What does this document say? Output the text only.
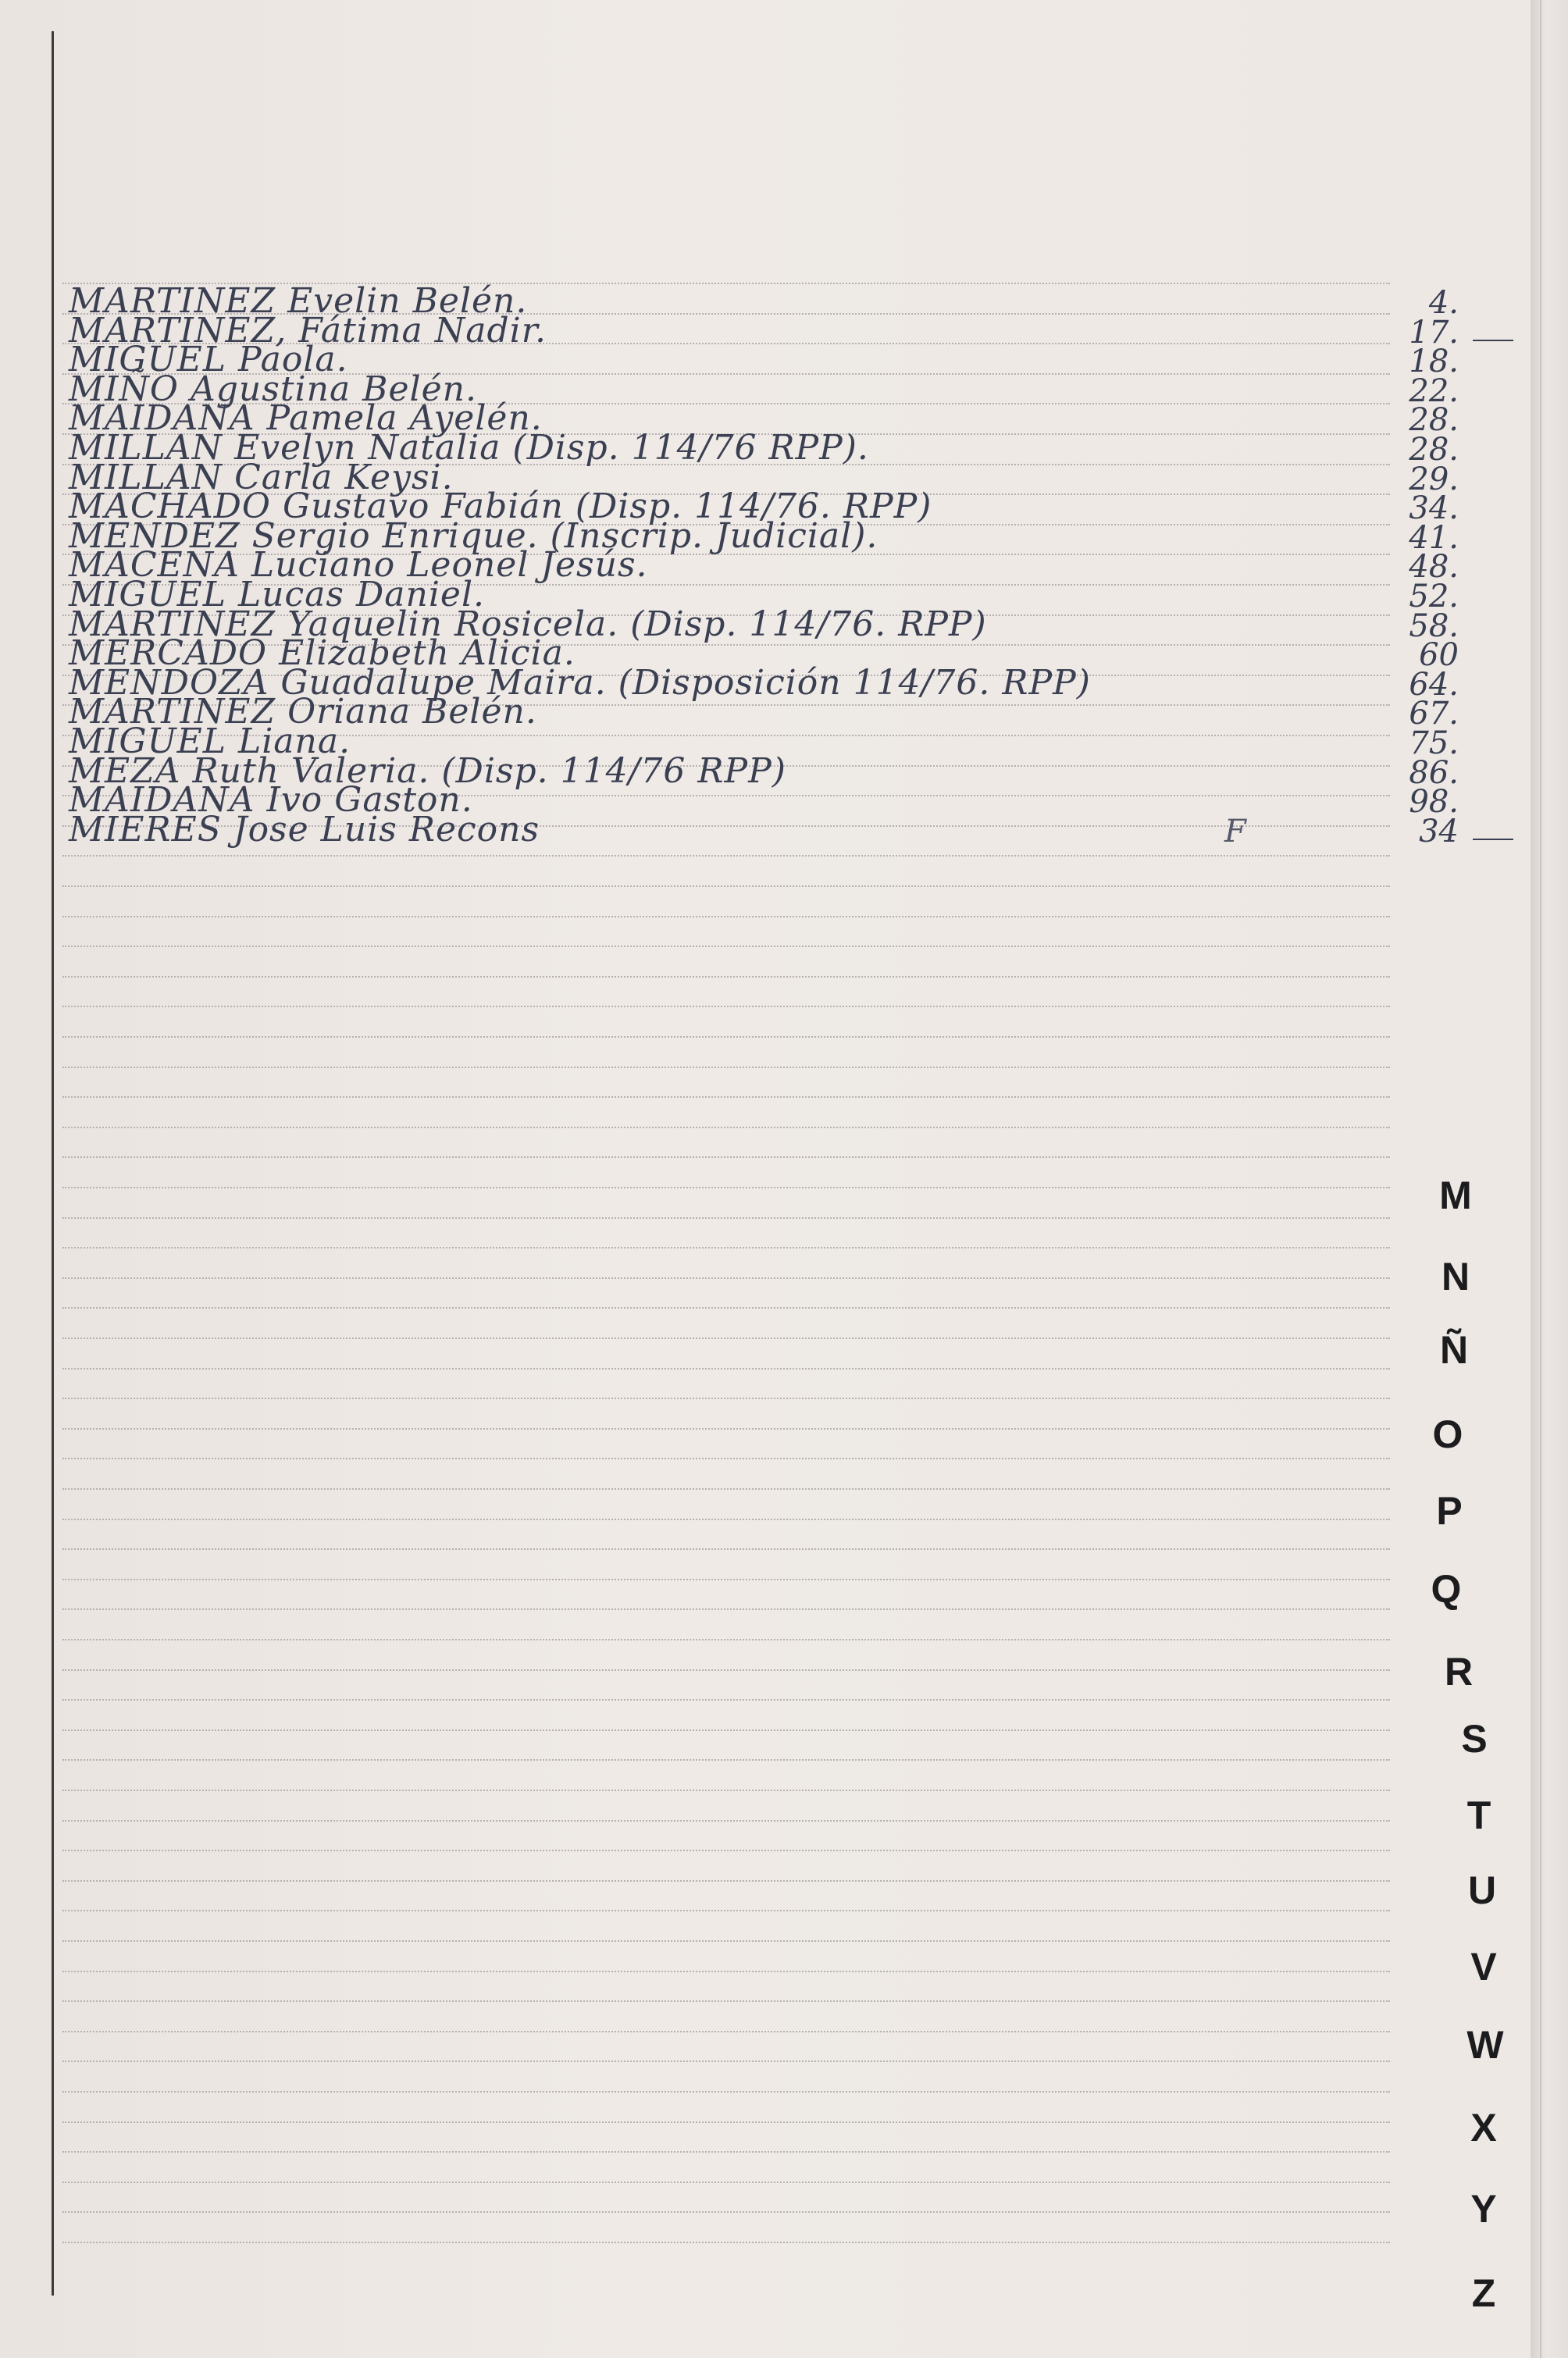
MARTINEZ Evelin Belén.	4.
MARTINEZ, Fátima Nadir.	17.
MIGUEL Paola.	18.
MIÑO Agustina Belén.	22.
MAIDANA Pamela Ayelén.	28.
MILLAN Evelyn Natalia (Disp. 114/76 RPP).	28.
MILLAN Carla Keysi.	29.
MACHADO Gustavo Fabián (Disp. 114/76. RPP)	34.
MENDEZ Sergio Enrique. (Inscrip. Judicial).	41.
MACENA Luciano Leonel Jesús.	48.
MIGUEL Lucas Daniel.	52.
MARTINEZ Yaquelin Rosicela. (Disp. 114/76. RPP)	58.
MERCADO Elizabeth Alicia.	60
MENDOZA Guadalupe Maira. (Disposición 114/76. RPP)	64.
MARTINEZ Oriana Belén.	67.
MIGUEL Liana.	75.
MEZA Ruth Valeria. (Disp. 114/76 RPP)	86.
MAIDANA Ivo Gaston.	98.
MIERES Jose Luis Recons	F	34
M
N
Ñ
O
P
Q
R
S
T
U
V
W
X
Y
Z
